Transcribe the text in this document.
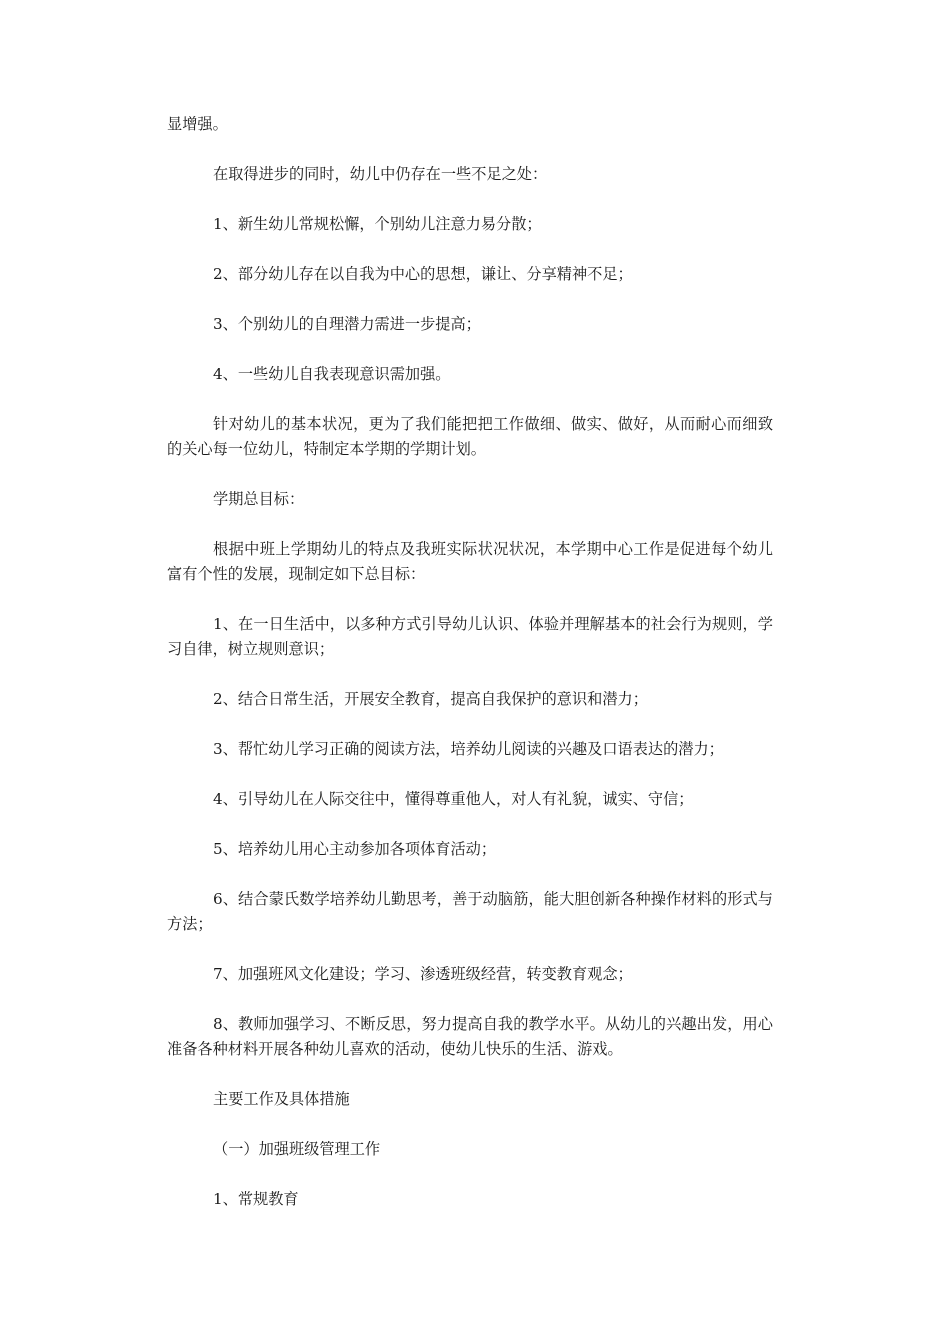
显增强。

在取得进步的同时，幼儿中仍存在一些不足之处：

1、新生幼儿常规松懈，个别幼儿注意力易分散；

2、部分幼儿存在以自我为中心的思想，谦让、分享精神不足；

3、个别幼儿的自理潜力需进一步提高；

4、一些幼儿自我表现意识需加强。

针对幼儿的基本状况，更为了我们能把把工作做细、做实、做好，从而耐心而细致的关心每一位幼儿，特制定本学期的学期计划。

学期总目标：

根据中班上学期幼儿的特点及我班实际状况状况，本学期中心工作是促进每个幼儿富有个性的发展，现制定如下总目标：

1、在一日生活中，以多种方式引导幼儿认识、体验并理解基本的社会行为规则，学习自律，树立规则意识；

2、结合日常生活，开展安全教育，提高自我保护的意识和潜力；

3、帮忙幼儿学习正确的阅读方法，培养幼儿阅读的兴趣及口语表达的潜力；

4、引导幼儿在人际交往中，懂得尊重他人，对人有礼貌，诚实、守信；

5、培养幼儿用心主动参加各项体育活动；

6、结合蒙氏数学培养幼儿勤思考，善于动脑筋，能大胆创新各种操作材料的形式与方法；

7、加强班风文化建设；学习、渗透班级经营，转变教育观念；

8、教师加强学习、不断反思，努力提高自我的教学水平。从幼儿的兴趣出发，用心准备各种材料开展各种幼儿喜欢的活动，使幼儿快乐的生活、游戏。

主要工作及具体措施

（一）加强班级管理工作

1、常规教育
